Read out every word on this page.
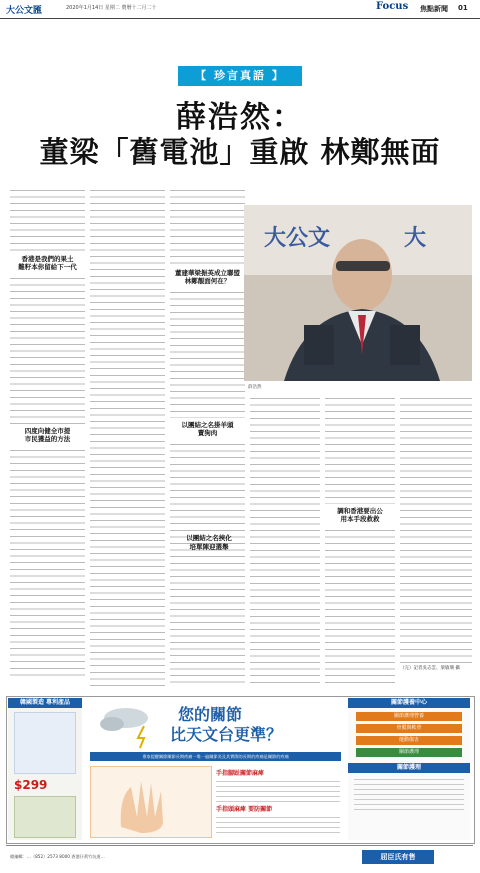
大公文匯	2020年1月14日 星期二 農曆十二月二十	Focus 焦點新聞 01
【 珍言真語 】
薛浩然：
董梁「舊電池」重啟 林鄭無面
香港是我們的果土
難籽本你留給下一代
四度向健全市提
市民獲益的方法
董建華梁振英成立聯盟
林鄭靚面何在？
以團結之名掛羊頭
賣狗肉
大公文	大
薛浩然
調和香港要出公
用本手段救救
（完）記者吳志雲、梁敏珊 攝
以團結之名挾化
培單陣迎選舉
韓國製造 專利產品
$299
您的關節
比天文台更準？
專家提醒關節關節長期疼痛一堆一遍關節炎及其實際的長期的疼痛是關節的疼痛
手指腳趾關節麻痺
手指頭麻痺 要防關節
關節護養中心
關節護理營養
骨膜與軟骨
運動傷害
關節護理
關節護理
總編輯：…（852）2573 8000 香港仔黃竹坑道…	屈臣氏有售
